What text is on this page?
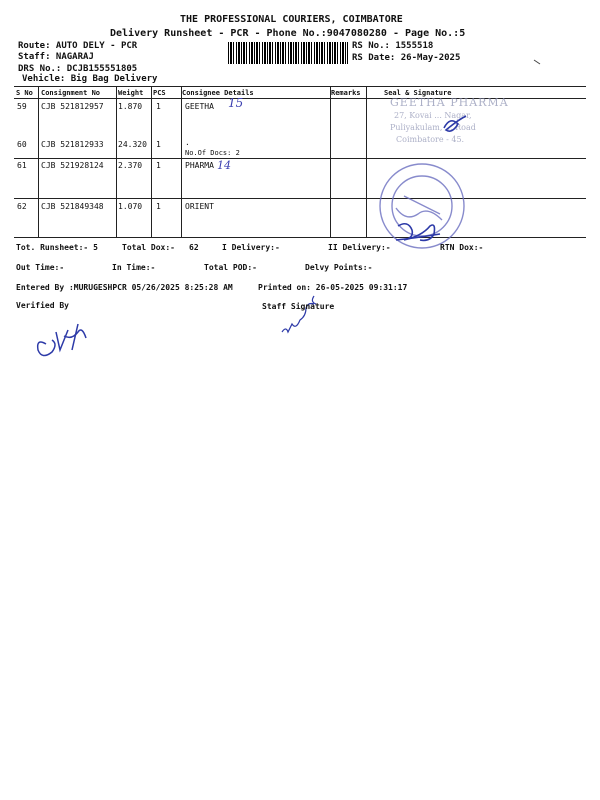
THE PROFESSIONAL COURIERS, COIMBATORE
Delivery Runsheet - PCR - Phone No.:9047080280 - Page No.:5
Route: AUTO DELY - PCR
Staff: NAGARAJ
DRS No.: DCJB155551805
Vehicle: Big Bag Delivery
RS No.: 1555518
RS Date: 26-May-2025
S No Consignment No	Weight PCS Consignee Details	Remarks	Seal & Signature
59 CJB 521812957 1.870 1	GEETHA 15
60 CJB 521812933 24.320 1	.
No.Of Docs: 2
61 CJB 521928124 2.370 1	PHARMA 14
62 CJB 521849348 1.070 1	ORIENT
GEETHA PHARMA
27, Kovai ... Nagar,
Puliyakulam, ... Road
Coimbatore - 45.
Tot. Runsheet:- 5	Total Dox:- 62	I Delivery:-	II Delivery:-	RTN Dox:-
Out Time:-	In Time:-	Total POD:-	Delvy Points:-
Entered By :MURUGESHPCR 05/26/2025 8:25:28 AM	Printed on: 26-05-2025 09:31:17
Verified By	Staff Signature
